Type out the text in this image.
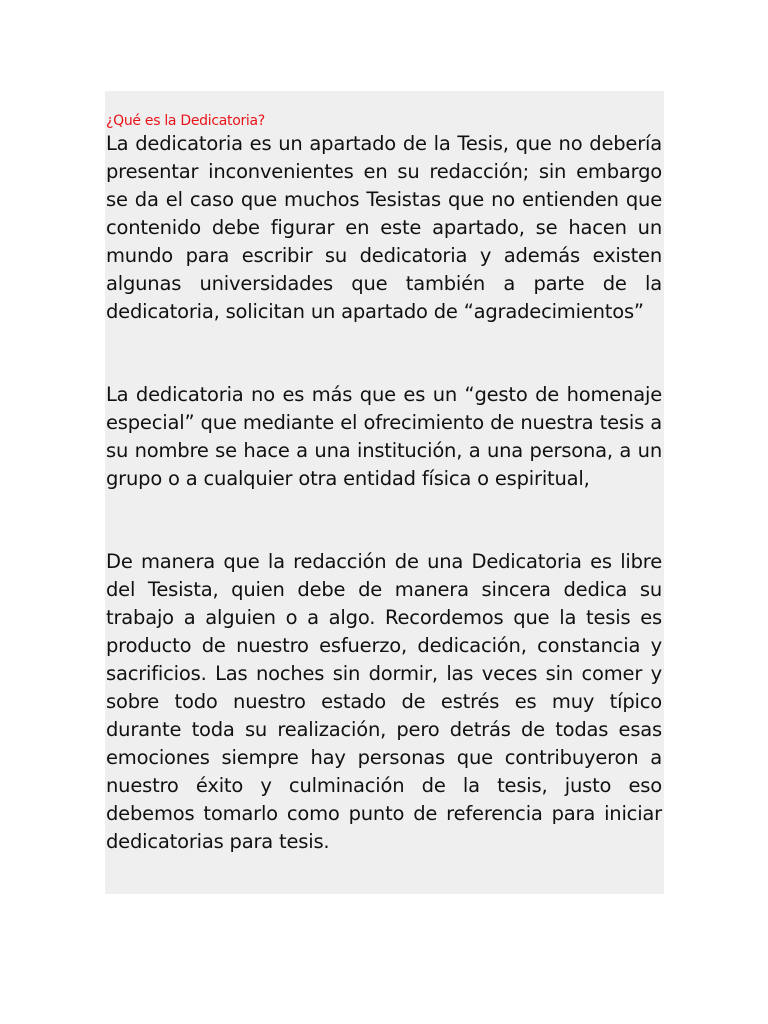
¿Qué es la Dedicatoria?

La dedicatoria es un apartado de la Tesis, que no debería presentar inconvenientes en su redacción; sin embargo se da el caso que muchos Tesistas que no entienden que contenido debe figurar en este apartado, se hacen un mundo para escribir su dedicatoria y además existen algunas universidades que también a parte de la dedicatoria, solicitan un apartado de “agradecimientos”

La dedicatoria no es más que es un “gesto de homenaje especial” que mediante el ofrecimiento de nuestra tesis a su nombre se hace a una institución, a una persona, a un grupo o a cualquier otra entidad física o espiritual,

De manera que la redacción de una Dedicatoria es libre del Tesista, quien debe de manera sincera dedica su trabajo a alguien o a algo. Recordemos que la tesis es producto de nuestro esfuerzo, dedicación, constancia y sacrificios. Las noches sin dormir, las veces sin comer y sobre todo nuestro estado de estrés es muy típico durante toda su realización, pero detrás de todas esas emociones siempre hay personas que contribuyeron a nuestro éxito y culminación de la tesis, justo eso debemos tomarlo como punto de referencia para iniciar dedicatorias para tesis.
